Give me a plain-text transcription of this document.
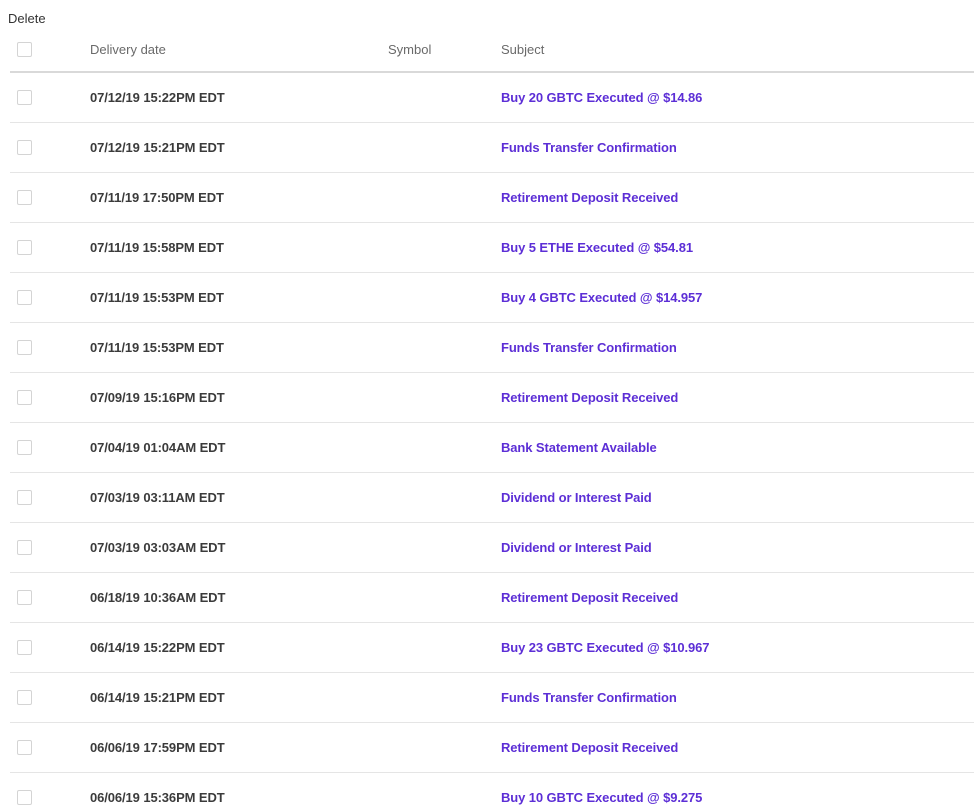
Delete
Delivery date	Symbol	Subject
07/12/19 15:22PM EDT	Buy 20 GBTC Executed @ $14.86
07/12/19 15:21PM EDT	Funds Transfer Confirmation
07/11/19 17:50PM EDT	Retirement Deposit Received
07/11/19 15:58PM EDT	Buy 5 ETHE Executed @ $54.81
07/11/19 15:53PM EDT	Buy 4 GBTC Executed @ $14.957
07/11/19 15:53PM EDT	Funds Transfer Confirmation
07/09/19 15:16PM EDT	Retirement Deposit Received
07/04/19 01:04AM EDT	Bank Statement Available
07/03/19 03:11AM EDT	Dividend or Interest Paid
07/03/19 03:03AM EDT	Dividend or Interest Paid
06/18/19 10:36AM EDT	Retirement Deposit Received
06/14/19 15:22PM EDT	Buy 23 GBTC Executed @ $10.967
06/14/19 15:21PM EDT	Funds Transfer Confirmation
06/06/19 17:59PM EDT	Retirement Deposit Received
06/06/19 15:36PM EDT	Buy 10 GBTC Executed @ $9.275
